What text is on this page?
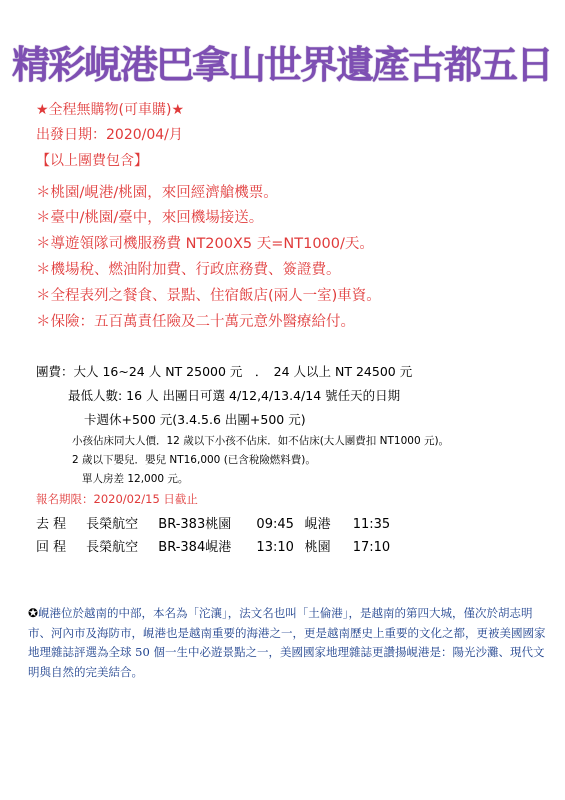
精彩峴港巴拿山世界遺產古都五日
★全程無購物(可車購)★
出發日期：2020/04/月
【以上團費包含】
＊桃園/峴港/桃園，來回經濟艙機票。
＊臺中/桃園/臺中，來回機場接送。
＊導遊領隊司機服務費 NT200X5 天=NT1000/天。
＊機場稅、燃油附加費、行政庶務費、簽證費。
＊全程表列之餐食、景點、住宿飯店(兩人一室)車資。
＊保險：五百萬責任險及二十萬元意外醫療給付。
團費：大人 16~24 人 NT 25000 元　．　24 人以上 NT 24500 元
最低人數: 16 人 出團日可選 4/12,4/13.4/14 號任天的日期
卡週休+500 元(3.4.5.6 出團+500 元)
小孩佔床同大人價．12 歲以下小孩不佔床．如不佔床(大人團費扣 NT1000 元)。
2 歲以下嬰兒．嬰兒 NT16,000 (已含稅險燃料費)。
單人房差 12,000 元。
報名期限：2020/02/15 日截止
去 程 長榮航空 BR-383桃園 09:45 峴港 11:35
回 程 長榮航空 BR-384峴港 13:10 桃園 17:10
✪峴港位於越南的中部，本名為「沱瀼」，法文名也叫「土倫港」，是越南的第四大城，僅次於胡志明市、河內市及海防市，峴港也是越南重要的海港之一，更是越南歷史上重要的文化之都，更被美國國家地理雜誌評選為全球 50 個一生中必遊景點之一，美國國家地理雜誌更讚揚峴港是：陽光沙灘、現代文明與自然的完美結合。
